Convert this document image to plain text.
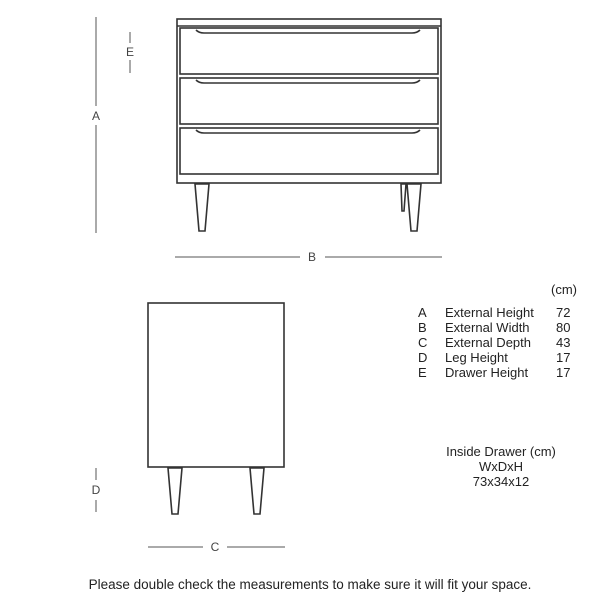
A
E
B
D
C
(cm)
A	External Height	72
B	External Width	80
C	External Depth	43
D	Leg Height	17
E	Drawer Height	17
Inside Drawer (cm)
WxDxH
73x34x12
Please double check the measurements to make sure it will fit your space.
